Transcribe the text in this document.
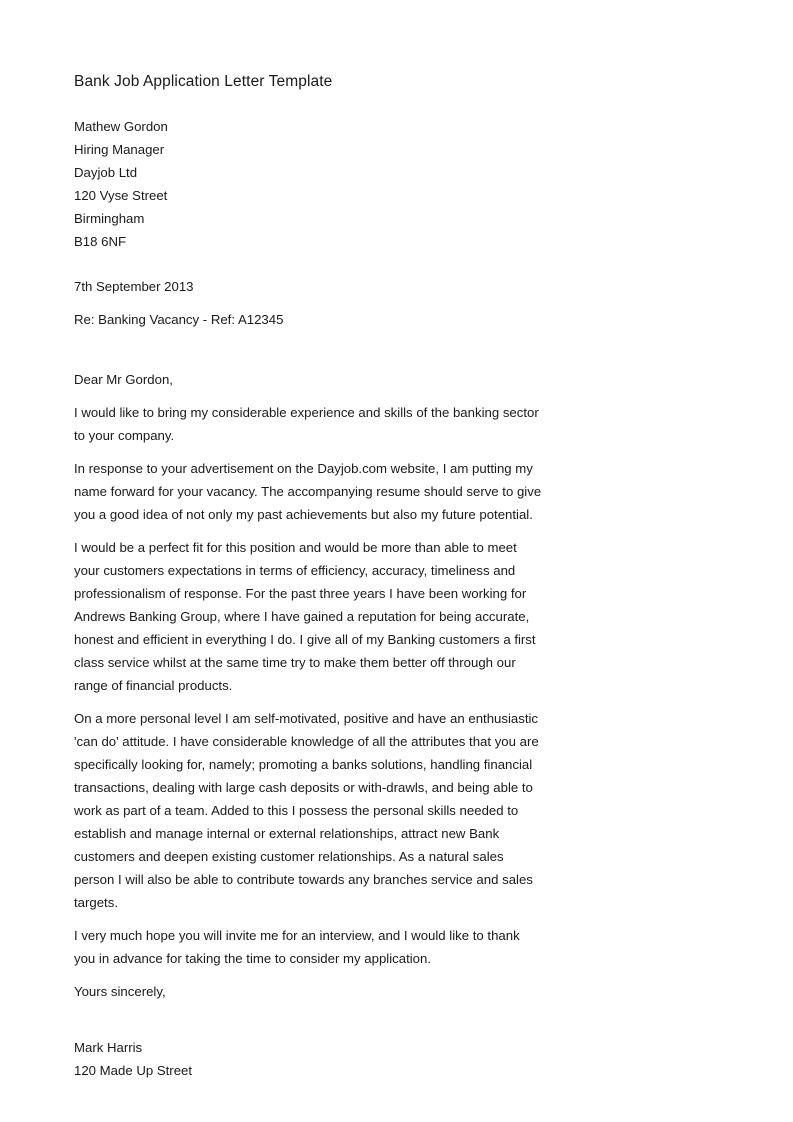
Bank Job Application Letter Template
Mathew Gordon
Hiring Manager
Dayjob Ltd
120 Vyse Street
Birmingham
B18 6NF
7th September 2013
Re: Banking Vacancy - Ref: A12345
Dear Mr Gordon,

I would like to bring my considerable experience and skills of the banking sector to your company.

In response to your advertisement on the Dayjob.com website, I am putting my name forward for your vacancy. The accompanying resume should serve to give you a good idea of not only my past achievements but also my future potential.

I would be a perfect fit for this position and would be more than able to meet your customers expectations in terms of efficiency, accuracy, timeliness and professionalism of response. For the past three years I have been working for Andrews Banking Group, where I have gained a reputation for being accurate, honest and efficient in everything I do. I give all of my Banking customers a first class service whilst at the same time try to make them better off through our range of financial products.

On a more personal level I am self-motivated, positive and have an enthusiastic 'can do' attitude. I have considerable knowledge of all the attributes that you are specifically looking for, namely; promoting a banks solutions, handling financial transactions, dealing with large cash deposits or with-drawls, and being able to work as part of a team. Added to this I possess the personal skills needed to establish and manage internal or external relationships, attract new Bank customers and deepen existing customer relationships. As a natural sales person I will also be able to contribute towards any branches service and sales targets.

I very much hope you will invite me for an interview, and I would like to thank you in advance for taking the time to consider my application.

Yours sincerely,
Mark Harris
120 Made Up Street
